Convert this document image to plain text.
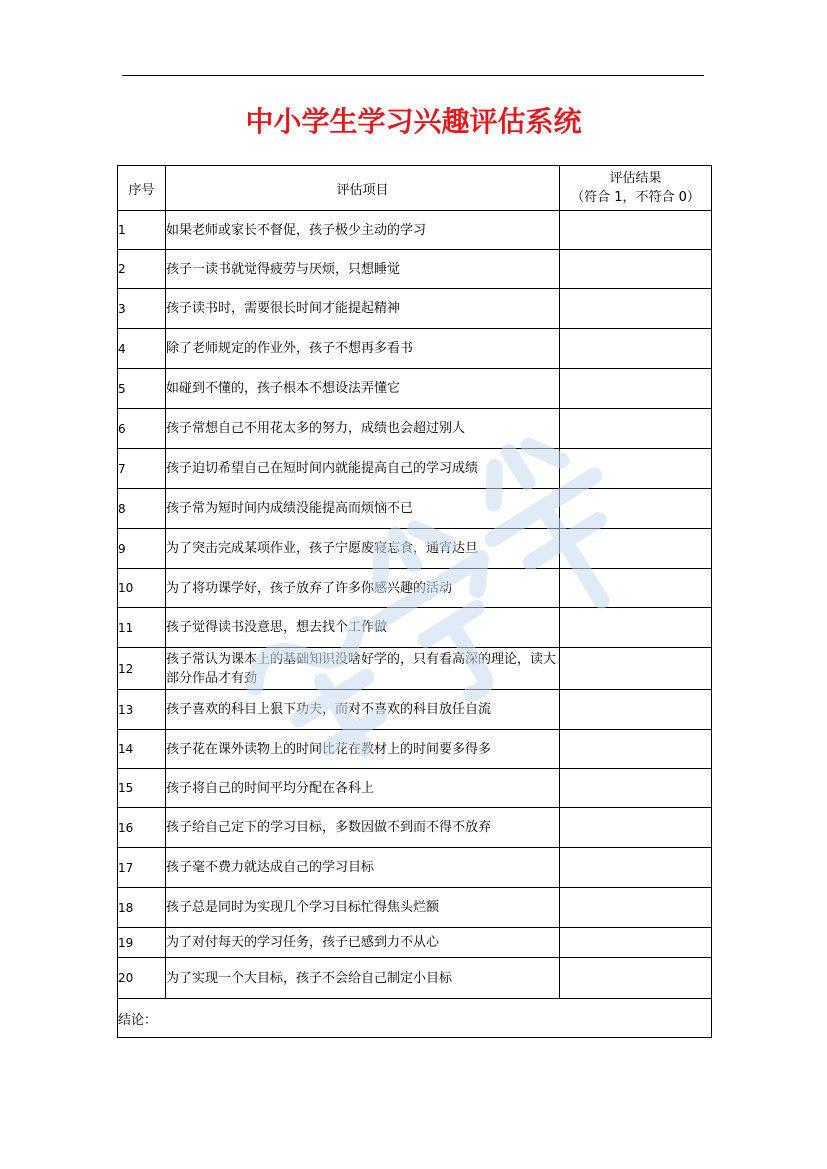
中小学生学习兴趣评估系统
序号	评估项目	评估结果
（符合 1，不符合 0）

1	如果老师或家长不督促，孩子极少主动的学习	
2	孩子一读书就觉得疲劳与厌烦，只想睡觉	
3	孩子读书时，需要很长时间才能提起精神	
4	除了老师规定的作业外，孩子不想再多看书	
5	如碰到不懂的，孩子根本不想设法弄懂它	
6	孩子常想自己不用花太多的努力，成绩也会超过别人	
7	孩子迫切希望自己在短时间内就能提高自己的学习成绩	
8	孩子常为短时间内成绩没能提高而烦恼不已	
9	为了突击完成某项作业，孩子宁愿废寝忘食，通宵达旦	
10	为了将功课学好，孩子放弃了许多你感兴趣的活动	
11	孩子觉得读书没意思，想去找个工作做	
12	孩子常认为课本上的基础知识没啥好学的，只有看高深的理论，读大部分作品才有劲	
13	孩子喜欢的科目上狠下功夫，而对不喜欢的科目放任自流	
14	孩子花在课外读物上的时间比花在教材上的时间要多得多	
15	孩子将自己的时间平均分配在各科上	
16	孩子给自己定下的学习目标，多数因做不到而不得不放弃	
17	孩子毫不费力就达成自己的学习目标	
18	孩子总是同时为实现几个学习目标忙得焦头烂额	
19	为了对付每天的学习任务，孩子已感到力不从心	
20	为了实现一个大目标，孩子不会给自己制定小目标	
结论：		
